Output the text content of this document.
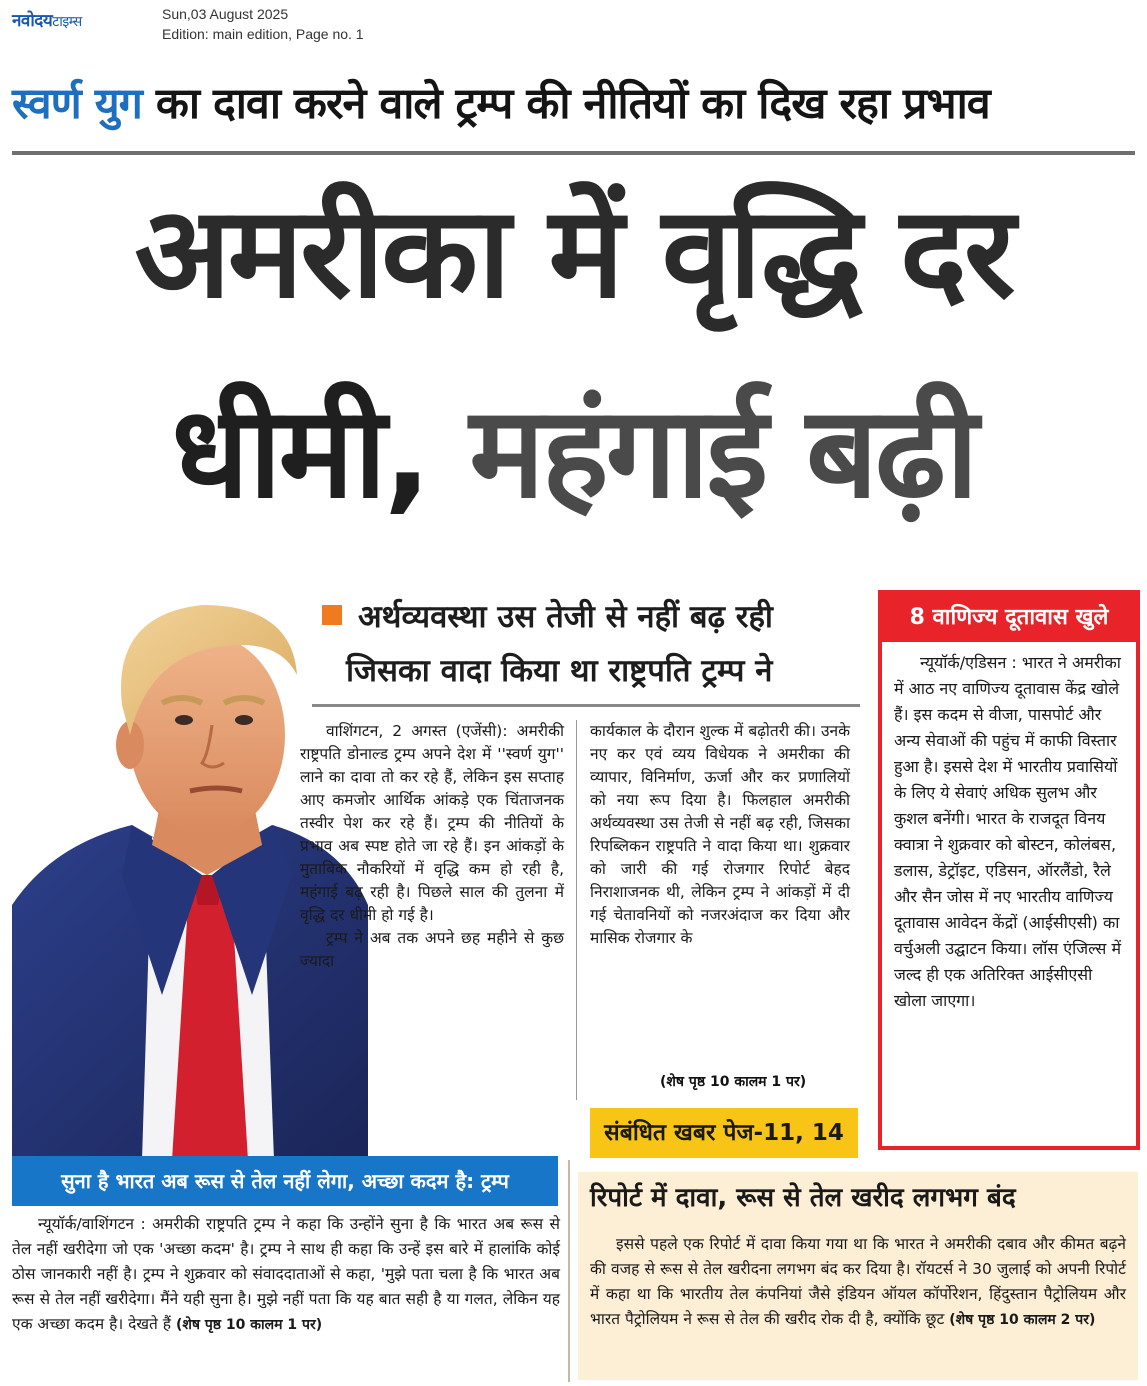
नवोदयटाइम्स	Sun,03 August 2025
Edition: main edition, Page no. 1
स्वर्ण युग का दावा करने वाले ट्रम्प की नीतियों का दिख रहा प्रभाव
अमरीका में वृद्धि दर
धीमी, महंगाई बढ़ी
अर्थव्यवस्था उस तेजी से नहीं बढ़ रही
जिसका वादा किया था राष्ट्रपति ट्रम्प ने

वाशिंगटन, 2 अगस्त (एजेंसी): अमरीकी राष्ट्रपति डोनाल्ड ट्रम्प अपने देश में ''स्वर्ण युग'' लाने का दावा तो कर रहे हैं, लेकिन इस सप्ताह आए कमजोर आर्थिक आंकड़े एक चिंताजनक तस्वीर पेश कर रहे हैं। ट्रम्प की नीतियों के प्रभाव अब स्पष्ट होते जा रहे हैं। इन आंकड़ों के मुताबिक नौकरियों में वृद्धि कम हो रही है, महंगाई बढ़ रही है। पिछले साल की तुलना में वृद्धि दर धीमी हो गई है।

ट्रम्प ने अब तक अपने छह महीने से कुछ ज्यादा

कार्यकाल के दौरान शुल्क में बढ़ोतरी की। उनके नए कर एवं व्यय विधेयक ने अमरीका की व्यापार, विनिर्माण, ऊर्जा और कर प्रणालियों को नया रूप दिया है। फिलहाल अमरीकी अर्थव्यवस्था उस तेजी से नहीं बढ़ रही, जिसका रिपब्लिकन राष्ट्रपति ने वादा किया था। शुक्रवार को जारी की गई रोजगार रिपोर्ट बेहद निराशाजनक थी, लेकिन ट्रम्प ने आंकड़ों में दी गई चेतावनियों को नजरअंदाज कर दिया और मासिक रोजगार के

(शेष पृष्ठ 10 कालम 1 पर)
संबंधित खबर पेज-11, 14
8 वाणिज्य दूतावास खुले

न्यूयॉर्क/एडिसन : भारत ने अमरीका में आठ नए वाणिज्य दूतावास केंद्र खोले हैं। इस कदम से वीजा, पासपोर्ट और अन्य सेवाओं की पहुंच में काफी विस्तार हुआ है। इससे देश में भारतीय प्रवासियों के लिए ये सेवाएं अधिक सुलभ और कुशल बनेंगी। भारत के राजदूत विनय क्वात्रा ने शुक्रवार को बोस्टन, कोलंबस, डलास, डेट्रॉइट, एडिसन, ऑरलैंडो, रैले और सैन जोस में नए भारतीय वाणिज्य दूतावास आवेदन केंद्रों (आईसीएसी) का वर्चुअली उद्घाटन किया। लॉस एंजिल्स में जल्द ही एक अतिरिक्त आईसीएसी खोला जाएगा।

सुना है भारत अब रूस से तेल नहीं लेगा, अच्छा कदम है: ट्रम्प

न्यूयॉर्क/वाशिंगटन : अमरीकी राष्ट्रपति ट्रम्प ने कहा कि उन्होंने सुना है कि भारत अब रूस से तेल नहीं खरीदेगा जो एक 'अच्छा कदम' है। ट्रम्प ने साथ ही कहा कि उन्हें इस बारे में हालांकि कोई ठोस जानकारी नहीं है। ट्रम्प ने शुक्रवार को संवाददाताओं से कहा, 'मुझे पता चला है कि भारत अब रूस से तेल नहीं खरीदेगा। मैंने यही सुना है। मुझे नहीं पता कि यह बात सही है या गलत, लेकिन यह एक अच्छा कदम है। देखते हैं (शेष पृष्ठ 10 कालम 1 पर)

रिपोर्ट में दावा, रूस से तेल खरीद लगभग बंद

इससे पहले एक रिपोर्ट में दावा किया गया था कि भारत ने अमरीकी दबाव और कीमत बढ़ने की वजह से रूस से तेल खरीदना लगभग बंद कर दिया है। रॉयटर्स ने 30 जुलाई को अपनी रिपोर्ट में कहा था कि भारतीय तेल कंपनियां जैसे इंडियन ऑयल कॉर्पोरेशन, हिंदुस्तान पैट्रोलियम और भारत पैट्रोलियम ने रूस से तेल की खरीद रोक दी है, क्योंकि छूट (शेष पृष्ठ 10 कालम 2 पर)
